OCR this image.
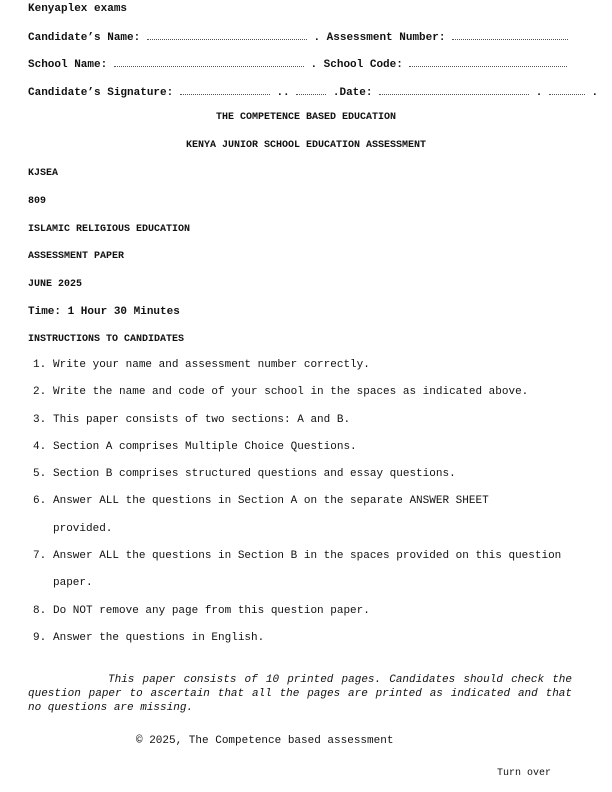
Kenyaplex exams
Candidate’s Name:	. Assessment Number:
School Name:	. School Code:
Candidate’s Signature:	..	.Date:	.	.
THE COMPETENCE BASED EDUCATION
KENYA JUNIOR SCHOOL EDUCATION ASSESSMENT
KJSEA
809
ISLAMIC RELIGIOUS EDUCATION
ASSESSMENT PAPER
JUNE 2025
Time: 1 Hour 30 Minutes
INSTRUCTIONS TO CANDIDATES
1. Write your name and assessment number correctly.
2. Write the name and code of your school in the spaces as indicated above.
3. This paper consists of two sections: A and B.
4. Section A comprises Multiple Choice Questions.
5. Section B comprises structured questions and essay questions.
6. Answer ALL the questions in Section A on the separate ANSWER SHEET provided.
7. Answer ALL the questions in Section B in the spaces provided on this question paper.
8. Do NOT remove any page from this question paper.
9. Answer the questions in English.
This paper consists of 10 printed pages. Candidates should check the question paper to ascertain that all the pages are printed as indicated and that no questions are missing.
© 2025, The Competence based assessment
Turn over
